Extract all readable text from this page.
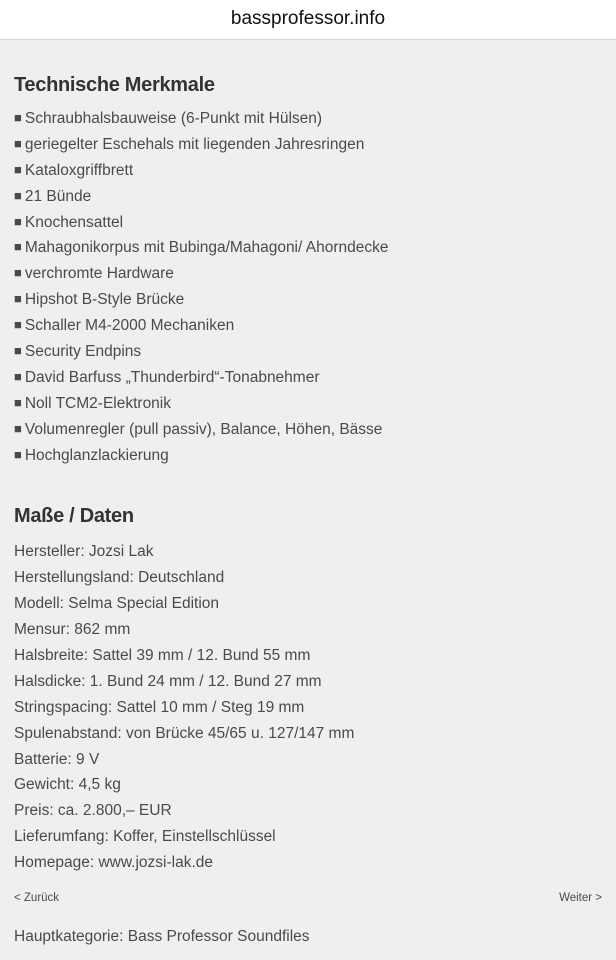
bassprofessor.info
Technische Merkmale
■ Schraubhalsbauweise (6-Punkt mit Hülsen)
■ geriegelter Eschehals mit liegenden Jahresringen
■ Kataloxgriffbrett
■ 21 Bünde
■ Knochensattel
■ Mahagonikorpus mit Bubinga/Mahagoni/ Ahorndecke
■ verchromte Hardware
■ Hipshot B-Style Brücke
■ Schaller M4-2000 Mechaniken
■ Security Endpins
■ David Barfuss „Thunderbird“-Tonabnehmer
■ Noll TCM2-Elektronik
■ Volumenregler (pull passiv), Balance, Höhen, Bässe
■ Hochglanzlackierung
Maße / Daten
Hersteller: Jozsi Lak
Herstellungsland: Deutschland
Modell: Selma Special Edition
Mensur: 862 mm
Halsbreite: Sattel 39 mm / 12. Bund 55 mm
Halsdicke: 1. Bund 24 mm / 12. Bund 27 mm
Stringspacing: Sattel 10 mm / Steg 19 mm
Spulenabstand: von Brücke 45/65 u. 127/147 mm
Batterie: 9 V
Gewicht: 4,5 kg
Preis: ca. 2.800,– EUR
Lieferumfang: Koffer, Einstellschlüssel
Homepage: www.jozsi-lak.de
< Zurück	Weiter >
Hauptkategorie: Bass Professor Soundfiles
